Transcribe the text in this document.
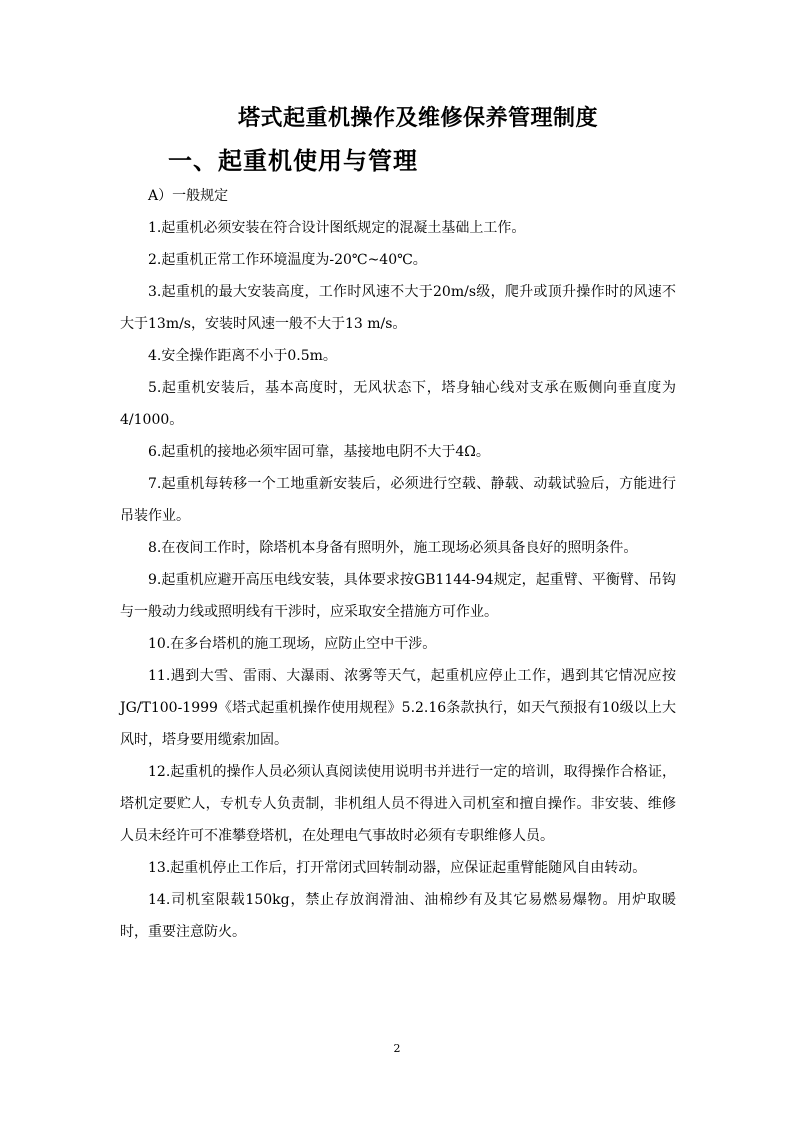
塔式起重机操作及维修保养管理制度
一、起重机使用与管理

A）一般规定

1.起重机必须安装在符合设计图纸规定的混凝土基础上工作。

2.起重机正常工作环境温度为-20℃~40℃。

3.起重机的最大安装高度，工作时风速不大于20m/s级，爬升或顶升操作时的风速不大于13m/s，安装时风速一般不大于13 m/s。

4.安全操作距离不小于0.5m。

5.起重机安装后，基本高度时，无风状态下，塔身轴心线对支承在贩侧向垂直度为4/1000。

6.起重机的接地必须牢固可靠，基接地电阴不大于4Ω。

7.起重机每转移一个工地重新安装后，必须进行空载、静载、动载试验后，方能进行吊装作业。

8.在夜间工作时，除塔机本身备有照明外，施工现场必须具备良好的照明条件。

9.起重机应避开高压电线安装，具体要求按GB1144-94规定，起重臂、平衡臂、吊钩与一般动力线或照明线有干涉时，应采取安全措施方可作业。

10.在多台塔机的施工现场，应防止空中干涉。

11.遇到大雪、雷雨、大瀑雨、浓雾等天气，起重机应停止工作，遇到其它情况应按JG/T100-1999《塔式起重机操作使用规程》5.2.16条款执行，如天气预报有10级以上大风时，塔身要用缆索加固。

12.起重机的操作人员必须认真阅读使用说明书并进行一定的培训，取得操作合格证，塔机定要贮人，专机专人负责制，非机组人员不得进入司机室和擅自操作。非安装、维修人员未经许可不准攀登塔机，在处理电气事故时必须有专职维修人员。

13.起重机停止工作后，打开常闭式回转制动器，应保证起重臂能随风自由转动。

14.司机室限载150kg，禁止存放润滑油、油棉纱有及其它易燃易爆物。用炉取暖时，重要注意防火。

2
